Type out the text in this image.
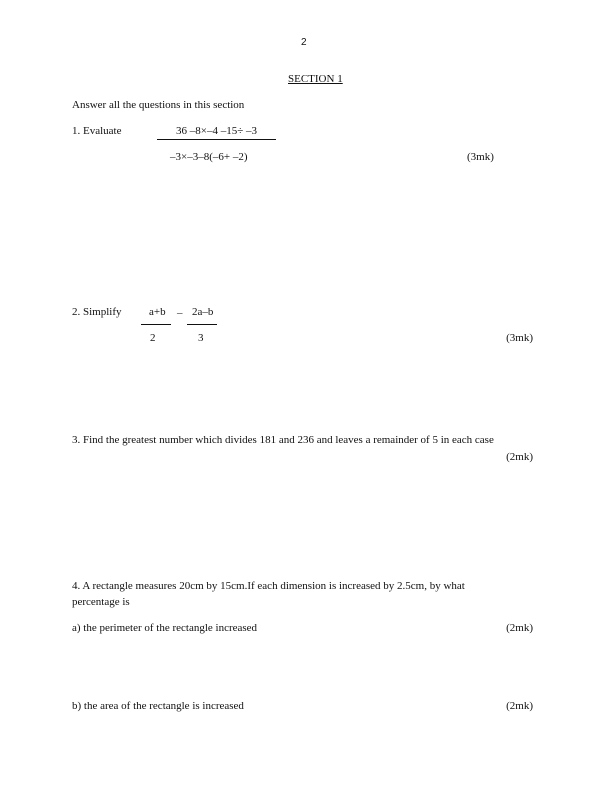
2
SECTION 1
Answer all the questions in this section
1. Evaluate	36 –8×–4 –15÷ –3
–3×–3–8(–6+ –2)	(3mk)
2. Simplify a+b
2
– 2a–b
3	(3mk)
3. Find the greatest number which divides 181 and 236 and leaves a remainder of 5 in each case
(2mk)
4. A rectangle measures 20cm by 15cm.If each dimension is increased by 2.5cm, by what
percentage is
a) the perimeter of the rectangle increased	(2mk)
b) the area of the rectangle is increased	(2mk)
